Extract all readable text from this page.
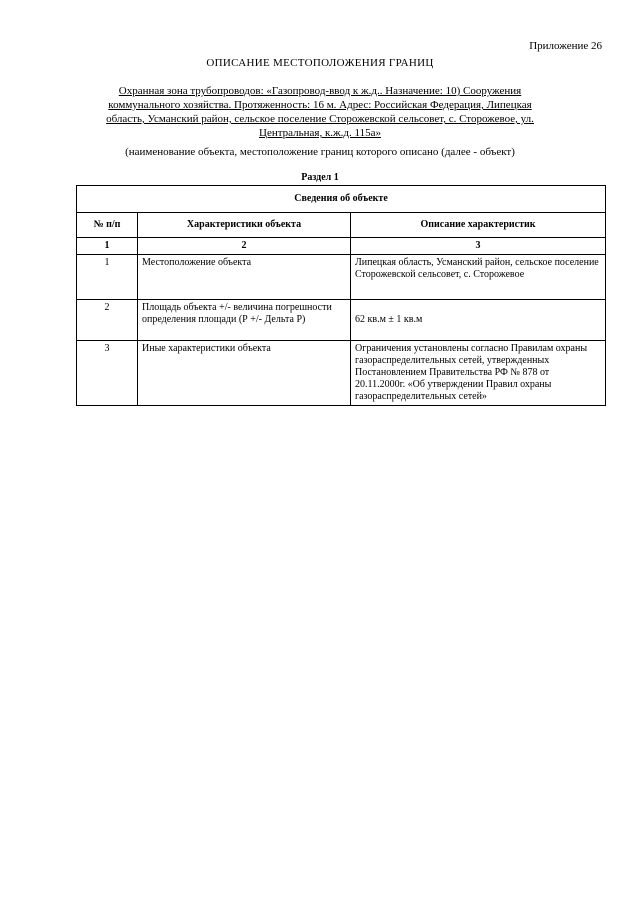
Приложение 26
ОПИСАНИЕ МЕСТОПОЛОЖЕНИЯ ГРАНИЦ
Охранная зона трубопроводов: «Газопровод-ввод к ж.д.. Назначение: 10) Сооружения
коммунального хозяйства. Протяженность: 16 м. Адрес: Российская Федерация, Липецкая
область, Усманский район, сельское поселение Сторожевской сельсовет, с. Сторожевое, ул.
Центральная, к.ж.д. 115а»
(наименование объекта, местоположение границ которого описано (далее - объект)
Раздел 1
Сведения об объекте		
№ п/п	Характеристики объекта	Описание характеристик
1	2	3
1	Местоположение объекта	Липецкая область, Усманский район, сельское поселение Сторожевской сельсовет, с. Сторожевое
2	Площадь объекта +/- величина погрешности определения площади (Р +/- Дельта Р)	62 кв.м ± 1 кв.м
3	Иные характеристики объекта	Ограничения установлены согласно Правилам охраны газораспределительных сетей, утвержденных Постановлением Правительства РФ № 878 от 20.11.2000г. «Об утверждении Правил охраны газораспределительных сетей»
